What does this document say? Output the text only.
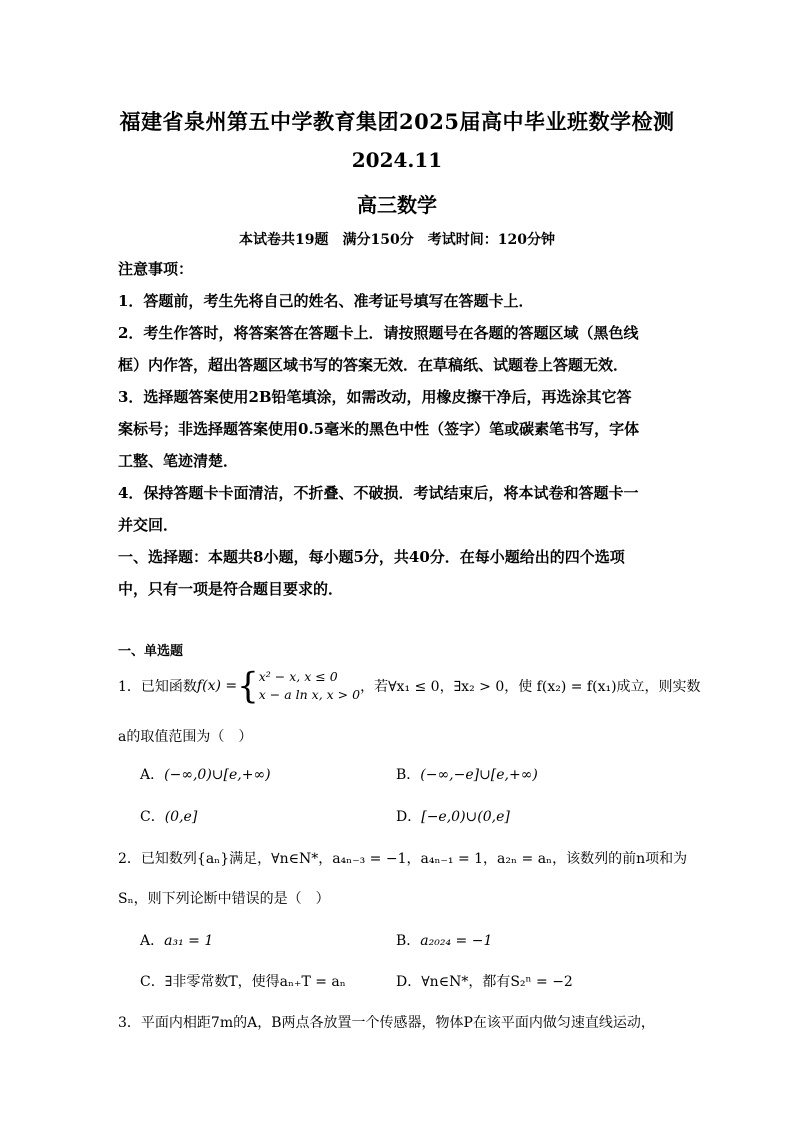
福建省泉州第五中学教育集团2025届高中毕业班数学检测
2024.11
高三数学
本试卷共19题　满分150分　考试时间：120分钟
注意事项：
1．答题前，考生先将自己的姓名、准考证号填写在答题卡上．
2．考生作答时，将答案答在答题卡上．请按照题号在各题的答题区域（黑色线
框）内作答，超出答题区域书写的答案无效．在草稿纸、试题卷上答题无效．
3．选择题答案使用2B铅笔填涂，如需改动，用橡皮擦干净后，再选涂其它答
案标号；非选择题答案使用0.5毫米的黑色中性（签字）笔或碳素笔书写，字体
工整、笔迹清楚．
4．保持答题卡卡面清洁，不折叠、不破损．考试结束后，将本试卷和答题卡一
并交回．
一、选择题：本题共8小题，每小题5分，共40分．在每小题给出的四个选项
中，只有一项是符合题目要求的．
一、单选题
1．已知函数f(x) ={ x² − x, x ≤ 0
x − a ln x, x > 0 ，若∀x₁ ≤ 0，∃x₂ > 0，使 f(x₂) = f(x₁)成立，则实数
a的取值范围为（　）
A．(−∞,0)∪[e,+∞)	B．(−∞,−e]∪[e,+∞)
C．(0,e]	D．[−e,0)∪(0,e]
2．已知数列{aₙ}满足，∀n∈N*，a₄ₙ₋₃ = −1，a₄ₙ₋₁ = 1，a₂ₙ = aₙ，该数列的前n项和为
Sₙ，则下列论断中错误的是（　）
A．a₃₁ = 1	B．a₂₀₂₄ = −1
C．∃非零常数T，使得aₙ₊T = aₙ	D．∀n∈N*，都有S₂ⁿ = −2
3．平面内相距7m的A，B两点各放置一个传感器，物体P在该平面内做匀速直线运动，
